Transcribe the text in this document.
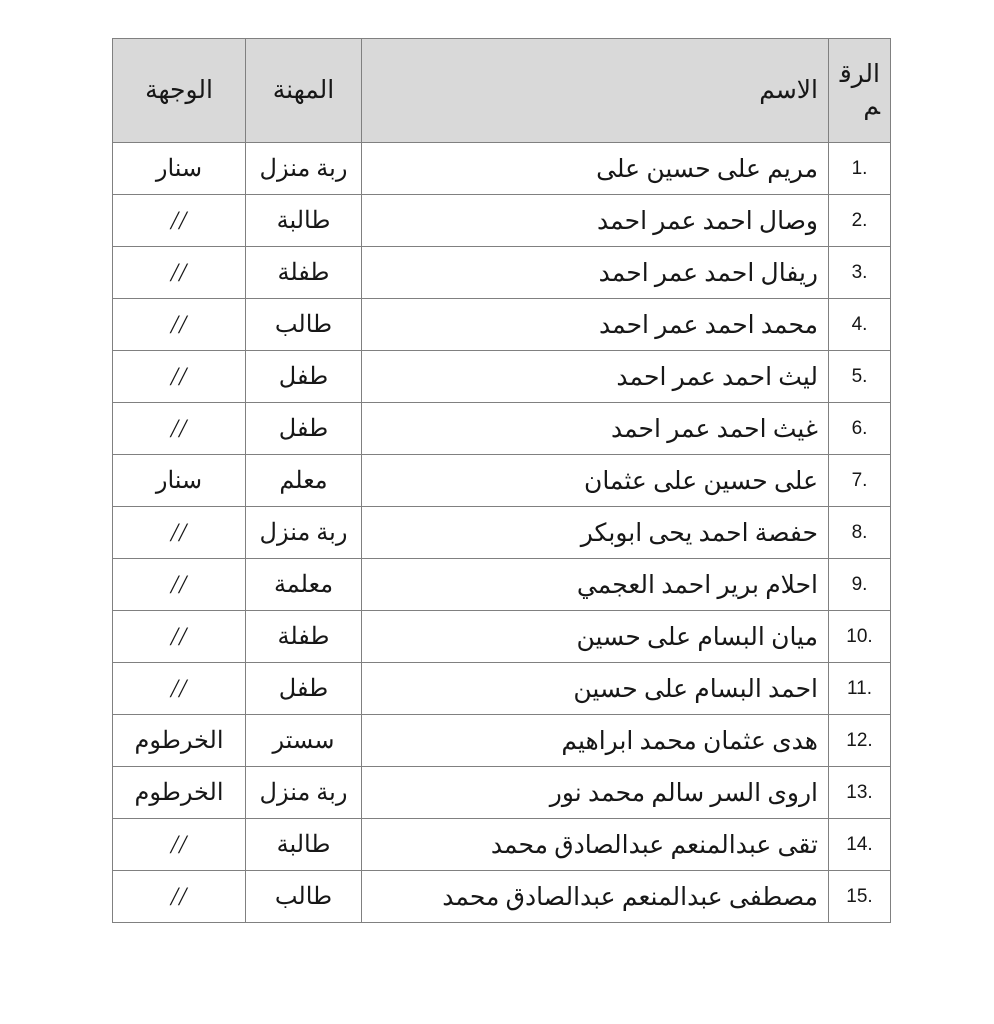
الرقم	الاسم	المهنة	الوجهة
1.	مريم على حسين على	ربة منزل	سنار
2.	وصال احمد عمر احمد	طالبة	//
3.	ريفال احمد عمر احمد	طفلة	//
4.	محمد احمد عمر احمد	طالب	//
5.	ليث احمد عمر احمد	طفل	//
6.	غيث احمد عمر احمد	طفل	//
7.	على حسين على عثمان	معلم	سنار
8.	حفصة احمد يحى ابوبكر	ربة منزل	//
9.	احلام برير احمد العجمي	معلمة	//
10.	ميان البسام على حسين	طفلة	//
11.	احمد البسام على حسين	طفل	//
12.	هدى عثمان محمد ابراهيم	سستر	الخرطوم
13.	اروى السر سالم محمد نور	ربة منزل	الخرطوم
14.	تقى عبدالمنعم عبدالصادق محمد	طالبة	//
15.	مصطفى عبدالمنعم عبدالصادق محمد	طالب	//
